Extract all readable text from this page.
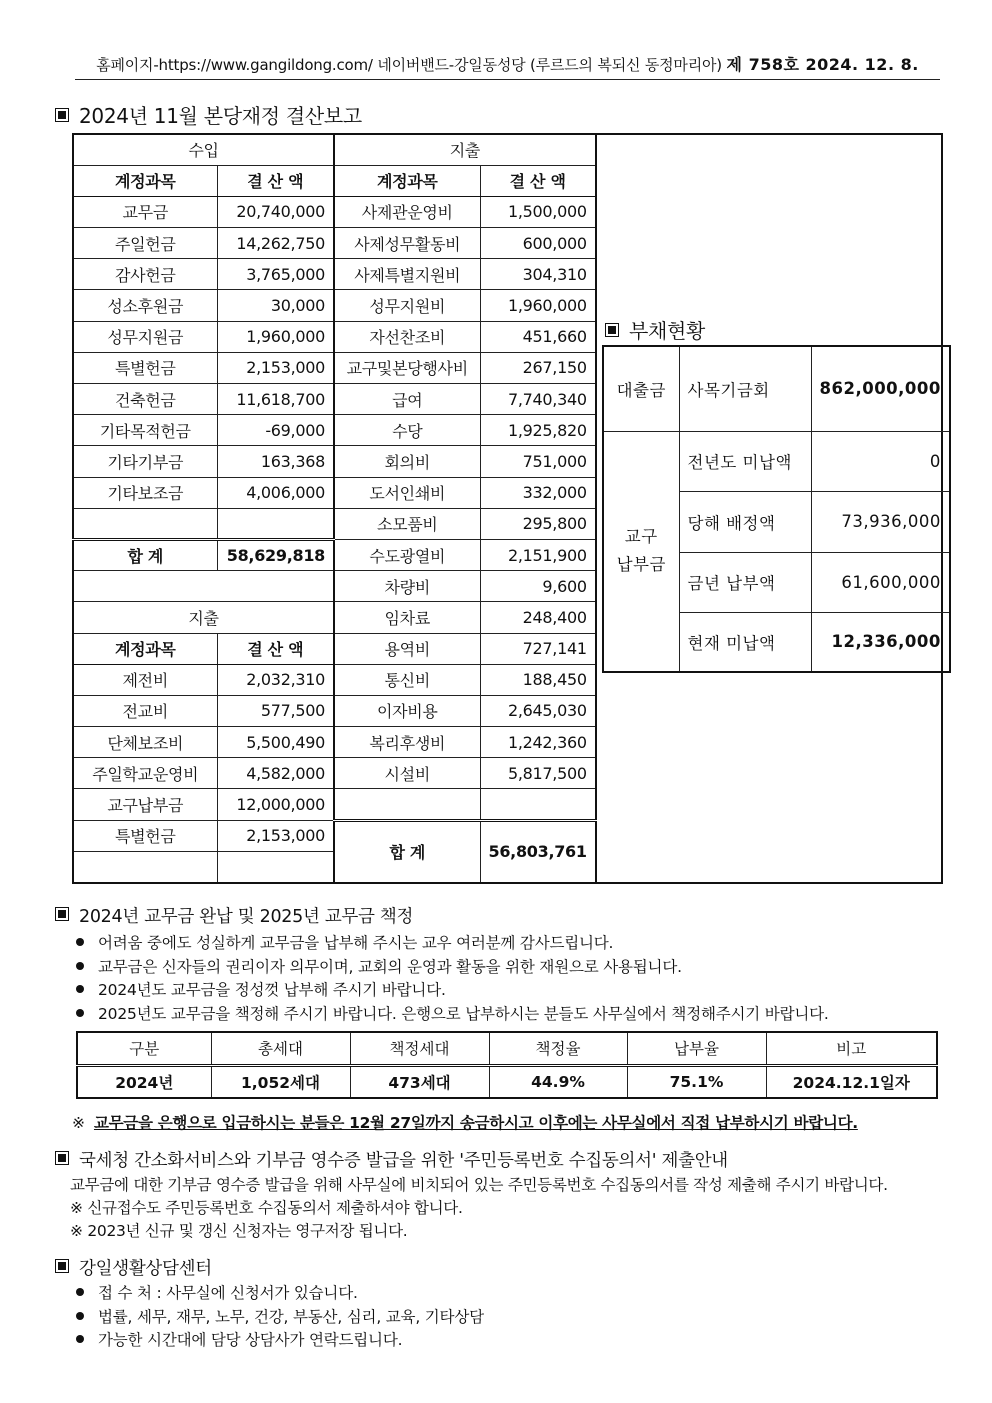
홈페이지-https://www.gangildong.com/ 네이버밴드-강일동성당 (루르드의 복되신 동정마리아) 제 758호 2024. 12. 8.
2024년 11월 본당재정 결산보고
수입		지출		
계정과목	결 산 액	계정과목	결 산 액	
교무금	20,740,000	사제관운영비	1,500,000	
주일헌금	14,262,750	사제성무활동비	600,000	
감사헌금	3,765,000	사제특별지원비	304,310	
성소후원금	30,000	성무지원비	1,960,000	
성무지원금	1,960,000	자선찬조비	451,660	
특별헌금	2,153,000	교구및본당행사비	267,150	
건축헌금	11,618,700	급여	7,740,340	
기타목적헌금	-69,000	수당	1,925,820	
기타기부금	163,368	회의비	751,000	
기타보조금	4,006,000	도서인쇄비	332,000	
		소모품비	295,800	
합 계	58,629,818	수도광열비	2,151,900	
		차량비	9,600	
지출		임차료	248,400	
계정과목	결 산 액	용역비	727,141	
제전비	2,032,310	통신비	188,450	
전교비	577,500	이자비용	2,645,030	
단체보조비	5,500,490	복리후생비	1,242,360	
주일학교운영비	4,582,000	시설비	5,817,500	
교구납부금	12,000,000			
특별헌금	2,153,000	합 계	56,803,761	

부채현황
대출금	사목기금회	862,000,000
교구
납부금	전년도 미납액	0
	당해 배정액	73,936,000
	금년 납부액	61,600,000
	현재 미납액	12,336,000
2024년 교무금 완납 및 2025년 교무금 책정
어려움 중에도 성실하게 교무금을 납부해 주시는 교우 여러분께 감사드립니다.
교무금은 신자들의 권리이자 의무이며, 교회의 운영과 활동을 위한 재원으로 사용됩니다.
2024년도 교무금을 정성껏 납부해 주시기 바랍니다.
2025년도 교무금을 책정해 주시기 바랍니다. 은행으로 납부하시는 분들도 사무실에서 책정해주시기 바랍니다.
구분	총세대	책정세대	책정율	납부율	비고
2024년	1,052세대	473세대	44.9%	75.1%	2024.12.1일자
※ 교무금을 은행으로 입금하시는 분들은 12월 27일까지 송금하시고 이후에는 사무실에서 직접 납부하시기 바랍니다.
국세청 간소화서비스와 기부금 영수증 발급을 위한 '주민등록번호 수집동의서' 제출안내
교무금에 대한 기부금 영수증 발급을 위해 사무실에 비치되어 있는 주민등록번호 수집동의서를 작성 제출해 주시기 바랍니다.
※ 신규접수도 주민등록번호 수집동의서 제출하셔야 합니다.
※ 2023년 신규 및 갱신 신청자는 영구저장 됩니다.
강일생활상담센터
접 수 처 : 사무실에 신청서가 있습니다.
법률, 세무, 재무, 노무, 건강, 부동산, 심리, 교육, 기타상담
가능한 시간대에 담당 상담사가 연락드립니다.
